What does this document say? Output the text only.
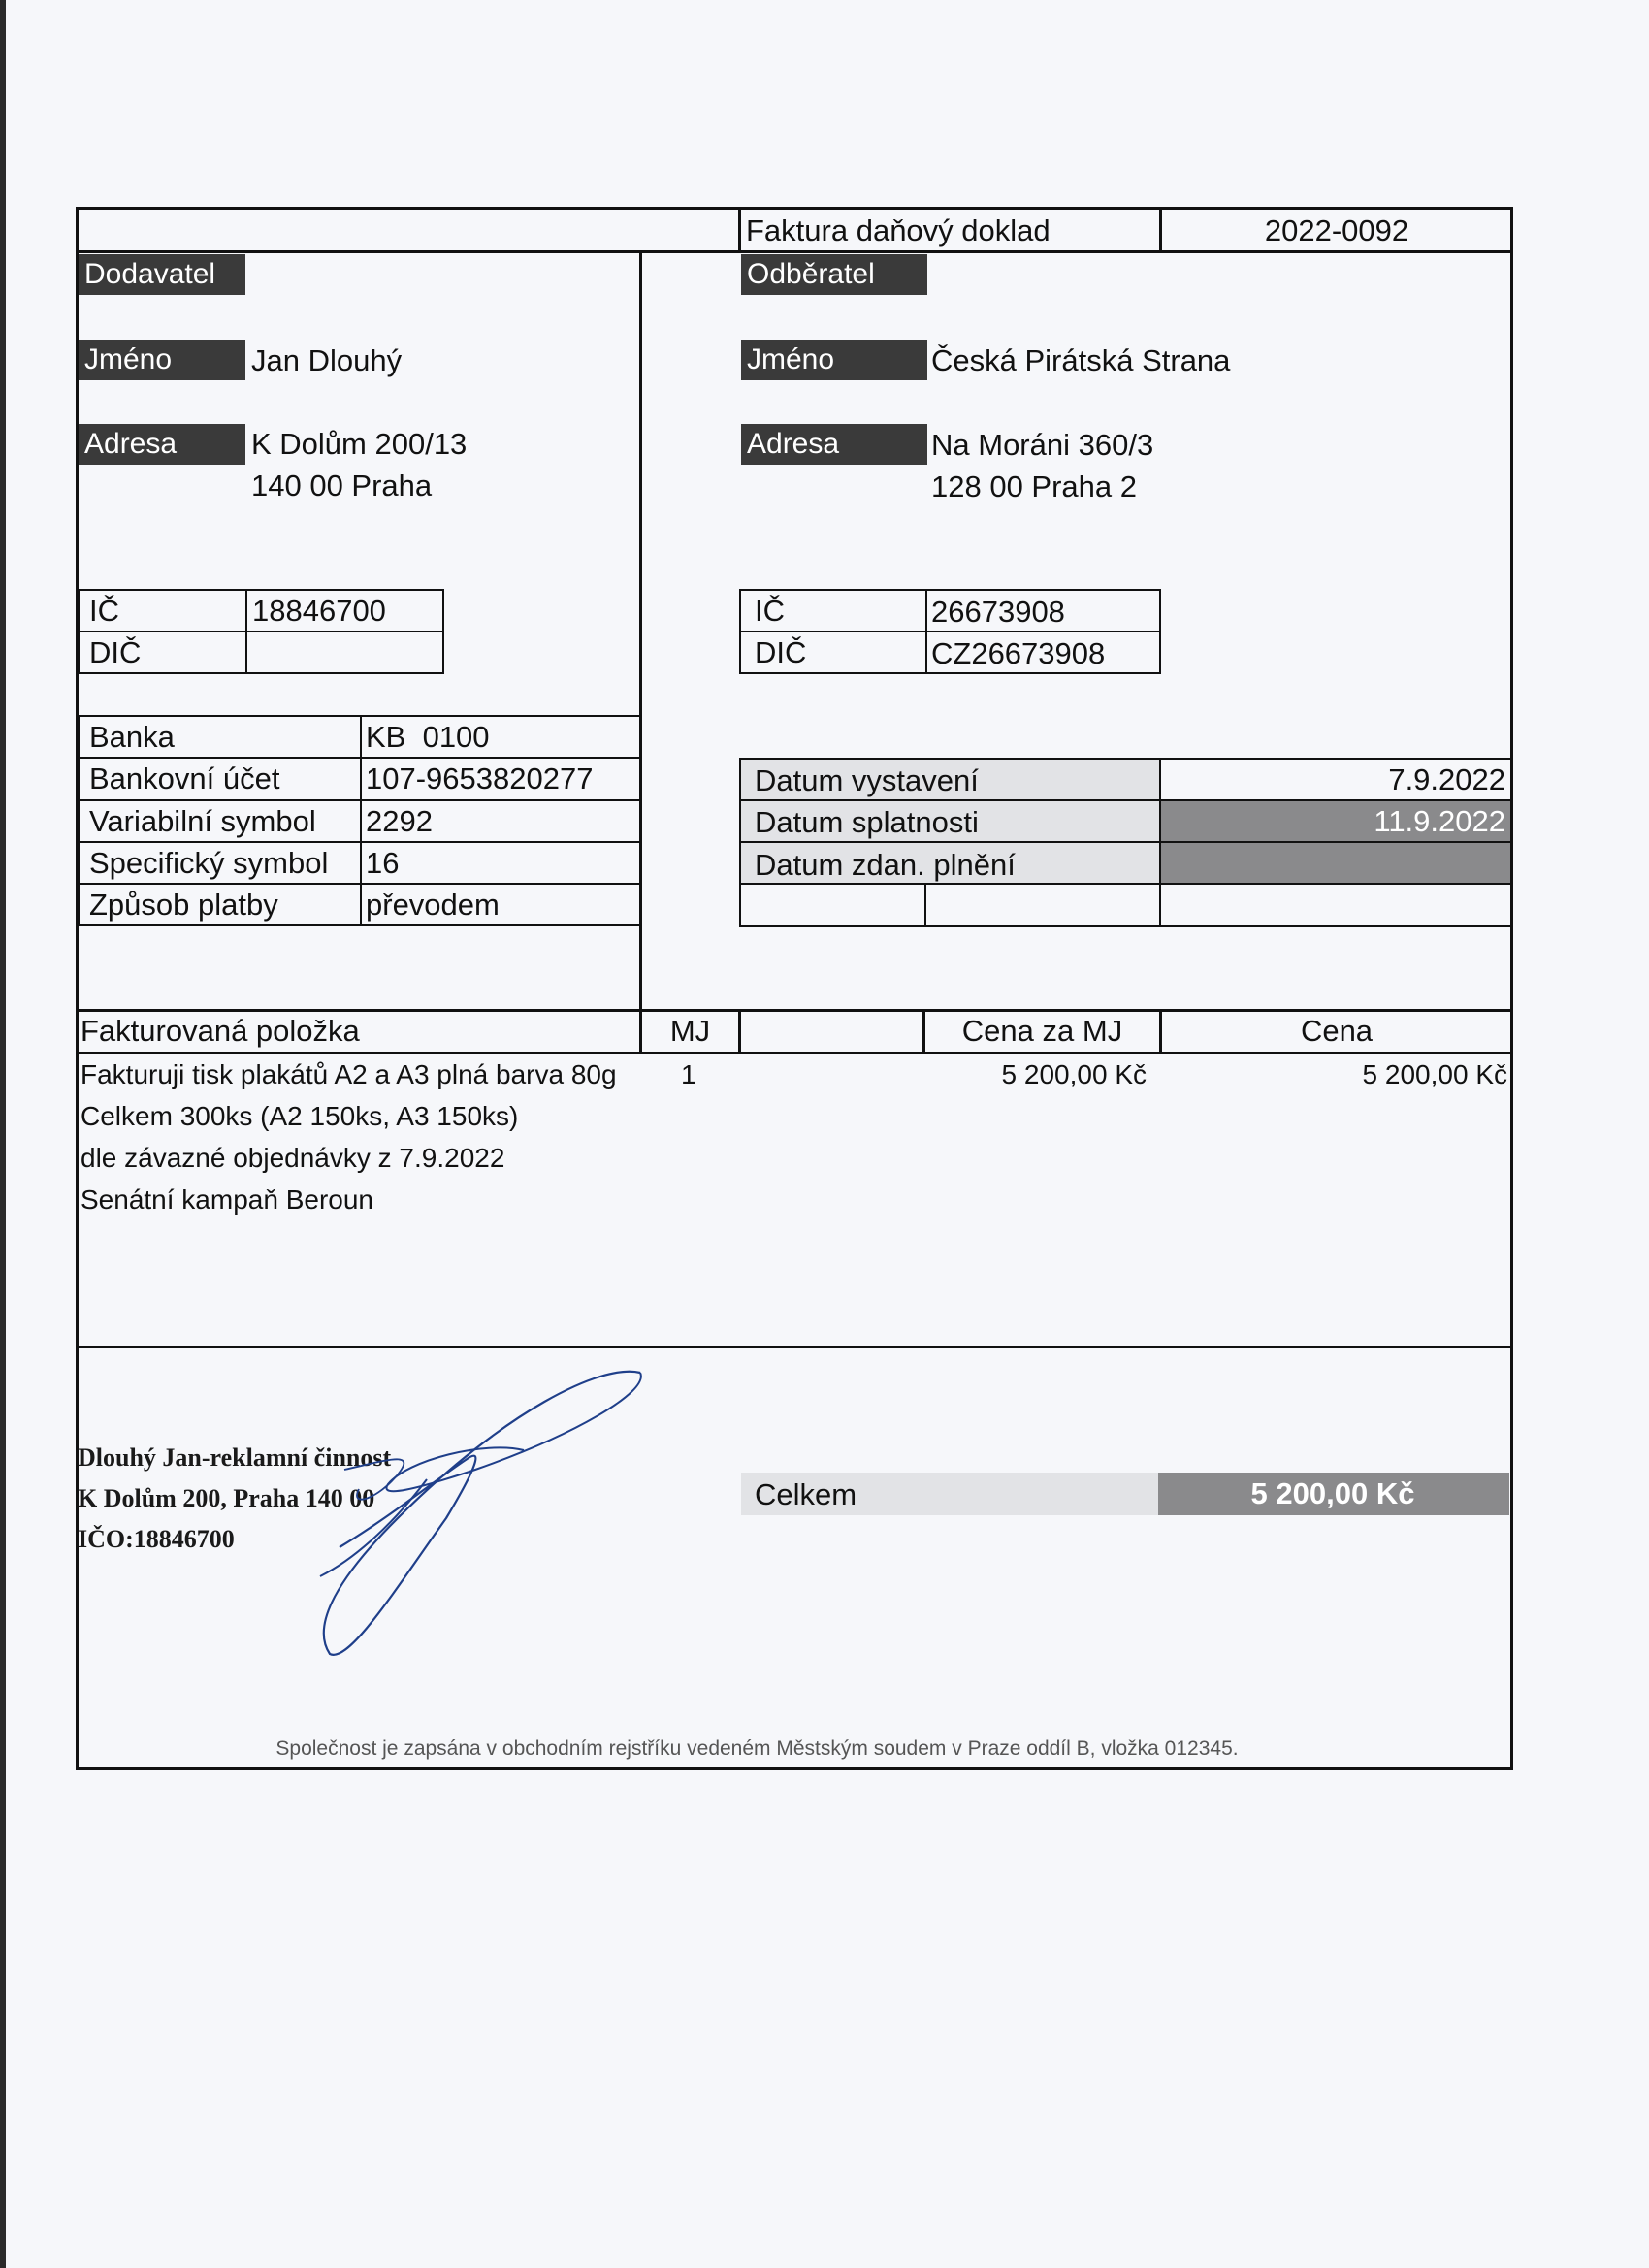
Faktura daňový doklad	2022-0092
Dodavatel
Jméno	Jan Dlouhý
Adresa	K Dolům 200/13
140 00 Praha
IČ	18846700
DIČ
Odběratel
Jméno	Česká Pirátská Strana
Adresa	Na Moráni 360/3
128 00 Praha 2
IČ	26673908
DIČ	CZ26673908
Banka	KB  0100
Bankovní účet	107-9653820277
Variabilní symbol 2292
Specifický symbol 16
Způsob platby	převodem
Datum vystavení	7.9.2022
Datum splatnosti	11.9.2022
Datum zdan. plnění
Fakturovaná položka	MJ	Cena za MJ	Cena
Fakturuji tisk plakátů A2 a A3 plná barva 80g
Celkem 300ks (A2 150ks, A3 150ks)
dle závazné objednávky z 7.9.2022
Senátní kampaň Beroun
1	5 200,00 Kč	5 200,00 Kč
Dlouhý Jan-reklamní činnost
K Dolům 200, Praha 140 00
IČO:18846700
Celkem	5 200,00 Kč
Společnost je zapsána v obchodním rejstříku vedeném Městským soudem v Praze oddíl B, vložka 012345.
